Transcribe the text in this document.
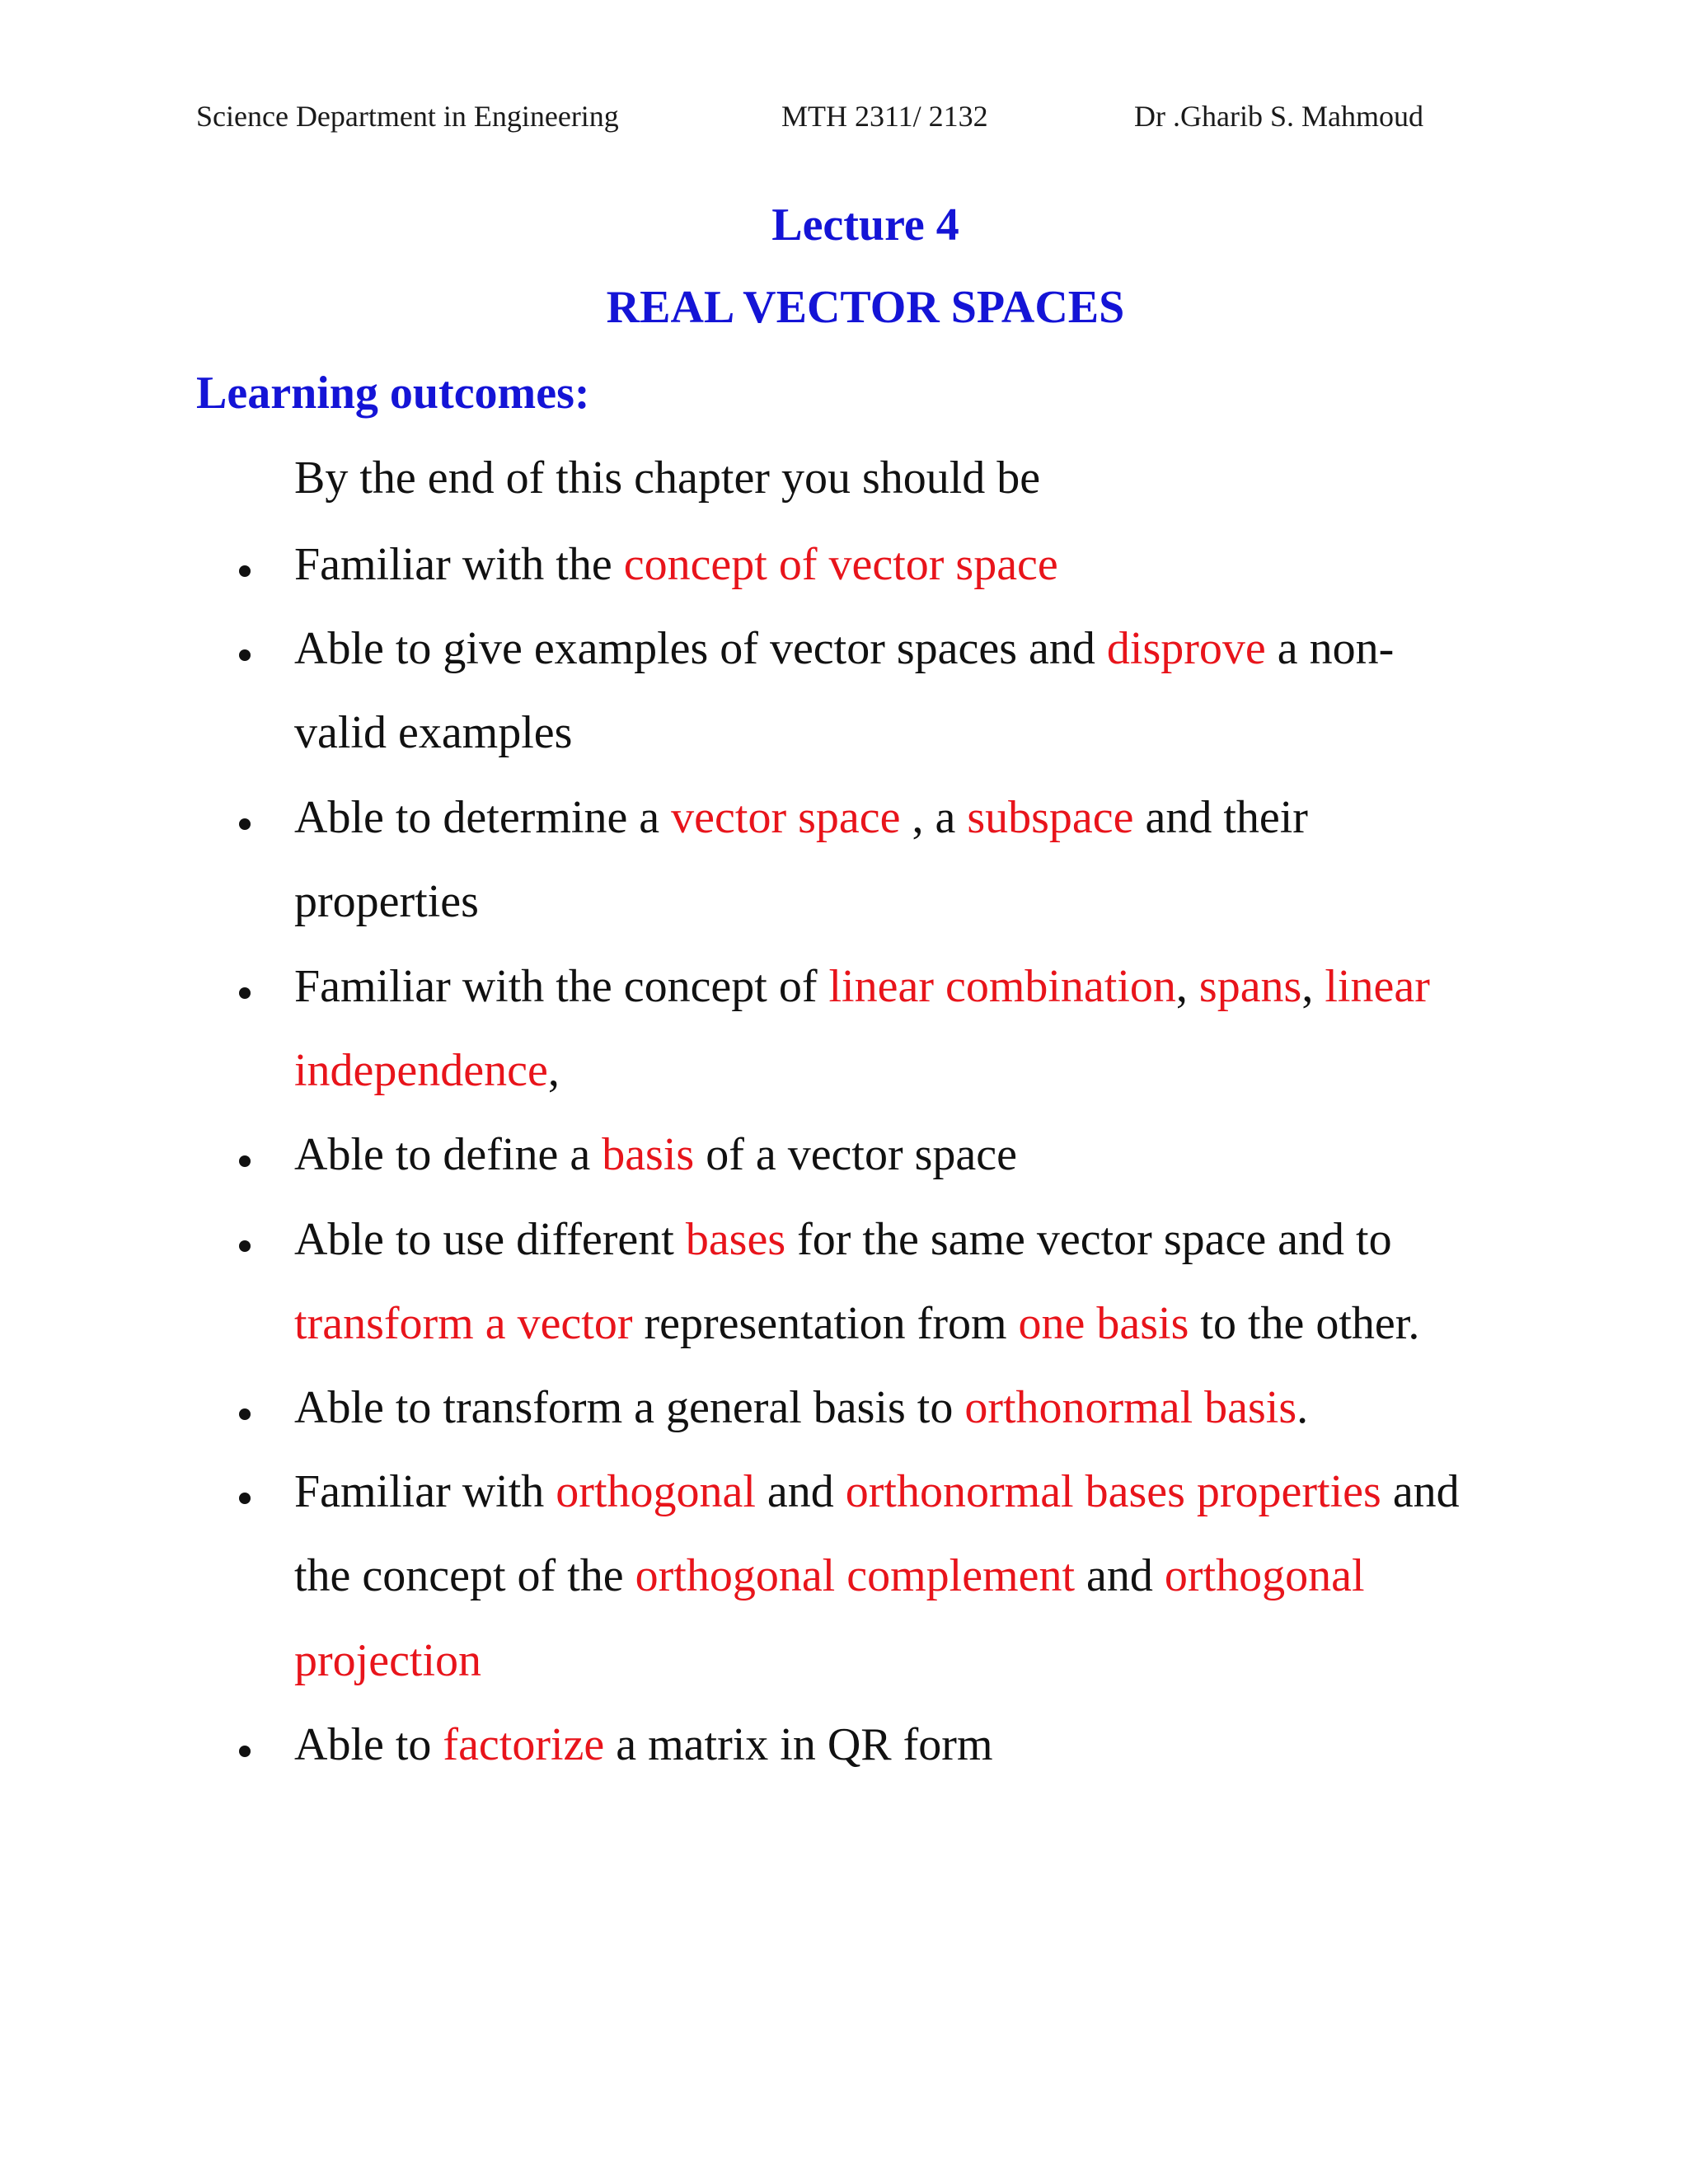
Science Department in Engineering	MTH 2311/ 2132	Dr .Gharib S. Mahmoud
Lecture 4
REAL VECTOR SPACES
Learning outcomes:
By the end of this chapter you should be
Familiar with the concept of vector space
Able to give examples of vector spaces and disprove a non-
valid examples
Able to determine a vector space , a subspace and their
properties
Familiar with the concept of linear combination, spans, linear
independence,
Able to define a basis of a vector space
Able to use different bases for the same vector space and to
transform a vector representation from one basis to the other.
Able to transform a general basis to orthonormal basis.
Familiar with orthogonal and orthonormal bases properties and
the concept of the orthogonal complement and orthogonal
projection
Able to factorize a matrix in QR form
